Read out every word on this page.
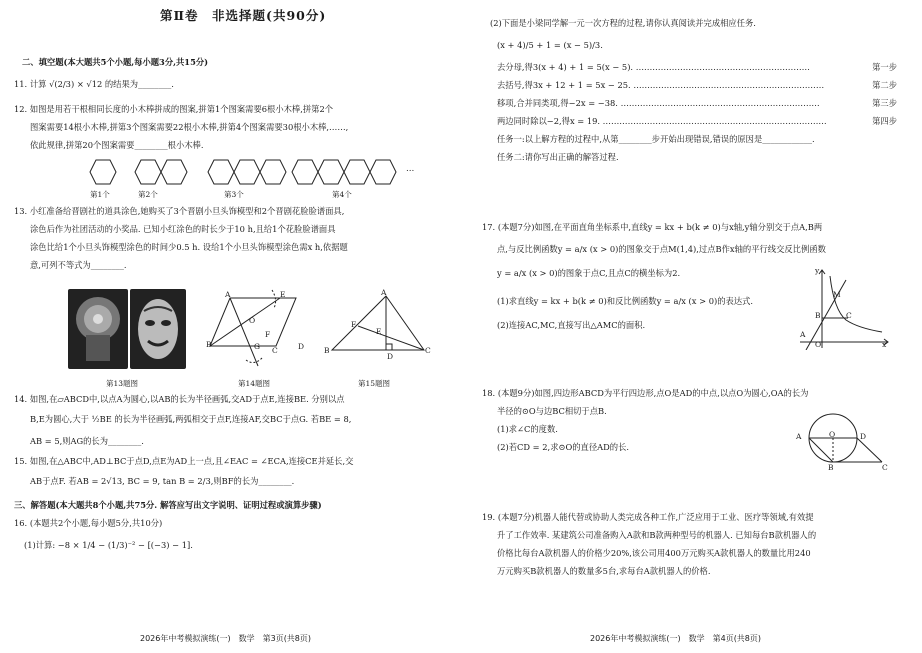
第Ⅱ卷　非选择题(共90分)
二、填空题(本大题共5个小题,每小题3分,共15分)
11. 计算 √(2/3) × √12 的结果为________.
12. 如图是用若干根相同长度的小木棒拼成的图案,拼第1个图案需要6根小木棒,拼第2个
图案需要14根小木棒,拼第3个图案需要22根小木棒,拼第4个图案需要30根小木棒,……,
依此规律,拼第20个图案需要________根小木棒.
…
第1个	第2个	第3个	第4个
13. 小红准备给晋剧社的道具涂色,她购买了3个晋剧小旦头饰模型和2个晋剧花脸脸谱面具,
涂色后作为社团活动的小奖品. 已知小红涂色的时长少于10 h,且给1个花脸脸谱面具
涂色比给1个小旦头饰模型涂色的时间少0.5 h. 设给1个小旦头饰模型涂色需x h,依据题
意,可列不等式为________.
A	E
O
F
B	G C	D
A
F
E
B
D
C
第13题图	第14题图	第15题图
14. 如图,在▱ABCD中,以点A为圆心,以AB的长为半径画弧,交AD于点E,连接BE. 分别以点
B,E为圆心,大于 ½BE 的长为半径画弧,两弧相交于点F,连接AF,交BC于点G. 若BE = 8,
AB = 5,则AG的长为________.
15. 如图,在△ABC中,AD⊥BC于点D,点E为AD上一点,且∠EAC = ∠ECA,连接CE并延长,交
AB于点F. 若AB = 2√13, BC = 9, tan B = 2/3,则BF的长为________.
三、解答题(本大题共8个小题,共75分. 解答应写出文字说明、证明过程或演算步骤)
16. (本题共2个小题,每小题5分,共10分)
(1)计算: −8 × 1/4 − (1/3)⁻² − [(−3) − 1].
2026年中考模拟演练(一)　数学　第3页(共8页)
(2)下面是小梁同学解一元一次方程的过程,请你认真阅读并完成相应任务.
(x + 4)/5 + 1 = (x − 5)/3.
去分母,得3(x + 4) + 1 = 5(x − 5). ………………………………………………………	第一步
去括号,得3x + 12 + 1 = 5x − 25. ……………………………………………………………	第二步
移项,合并同类项,得−2x = −38. ………………………………………………………………	第三步
两边同时除以−2,得x = 19. ………………………………………………………………………	第四步
任务一:以上解方程的过程中,从第________步开始出现错误,错误的原因是____________.
任务二:请你写出正确的解答过程.
17. (本题7分)如图,在平面直角坐标系中,直线y = kx + b(k ≠ 0)与x轴,y轴分别交于点A,B两
点,与反比例函数y = a/x (x > 0)的图象交于点M(1,4),过点B作x轴的平行线交反比例函数
y = a/x (x > 0)的图象于点C,且点C的横坐标为2.
(1)求直线y = kx + b(k ≠ 0)和反比例函数y = a/x (x > 0)的表达式.
(2)连接AC,MC,直接写出△AMC的面积.
y
M
B	C
A
O	x
18. (本题9分)如图,四边形ABCD为平行四边形,点O是AD的中点,以点O为圆心,OA的长为
半径的⊙O与边BC相切于点B.
(1)求∠C的度数.
(2)若CD = 2,求⊙O的直径AD的长.
A	O	D
B	C
19. (本题7分)机器人能代替或协助人类完成各种工作,广泛应用于工业、医疗等领域,有效提
升了工作效率. 某建筑公司准备购入A款和B款两种型号的机器人. 已知每台B款机器人的
价格比每台A款机器人的价格少20%,该公司用400万元购买A款机器人的数量比用240
万元购买B款机器人的数量多5台,求每台A款机器人的价格.
2026年中考模拟演练(一)　数学　第4页(共8页)
